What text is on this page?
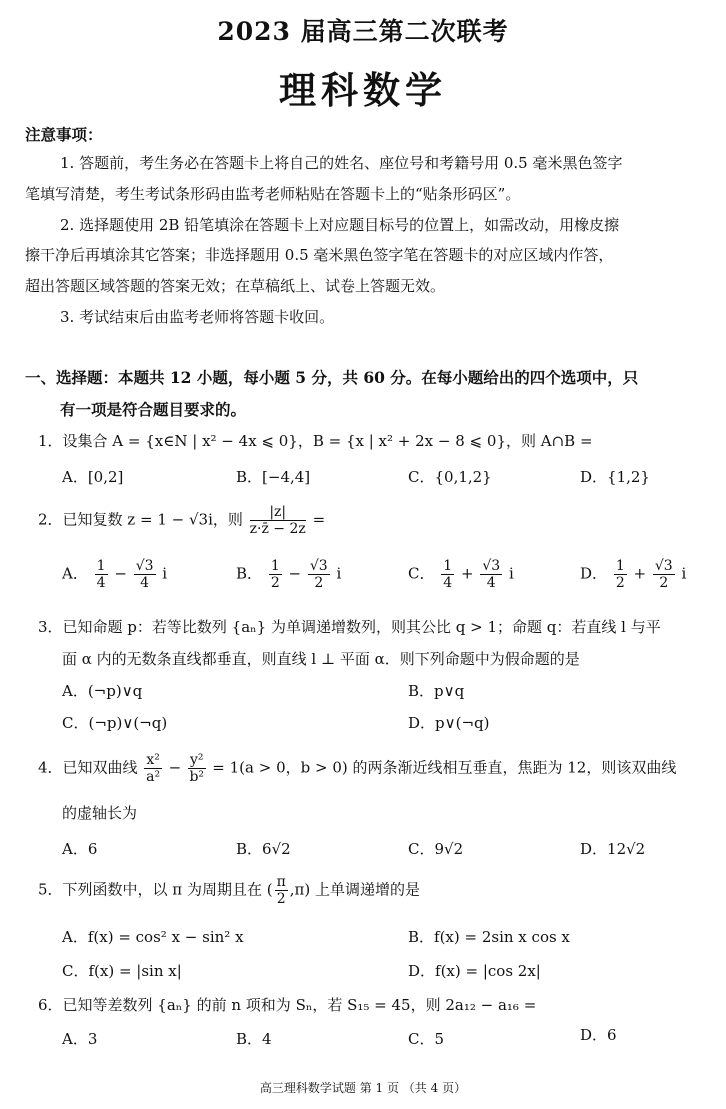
2023 届高三第二次联考
理科数学
注意事项：
1. 答题前，考生务必在答题卡上将自己的姓名、座位号和考籍号用 0.5 毫米黑色签字
笔填写清楚，考生考试条形码由监考老师粘贴在答题卡上的“贴条形码区”。
2. 选择题使用 2B 铅笔填涂在答题卡上对应题目标号的位置上，如需改动，用橡皮擦
擦干净后再填涂其它答案；非选择题用 0.5 毫米黑色签字笔在答题卡的对应区域内作答，
超出答题区域答题的答案无效；在草稿纸上、试卷上答题无效。
3. 考试结束后由监考老师将答题卡收回。
一、选择题：本题共 12 小题，每小题 5 分，共 60 分。在每小题给出的四个选项中，只
有一项是符合题目要求的。
1．设集合 A = {x∈N | x² − 4x ⩽ 0}，B = {x | x² + 2x − 8 ⩽ 0}，则 A∩B =
A．[0,2]	B．[−4,4]	C．{0,1,2}	D．{1,2}
2．已知复数 z = 1 − √3i，则 $\frac{|z|}{z\cdot z̄ - 2z}$ =
A． $\frac{1}{4} - \frac{√3}{4}$ i	B． $\frac{1}{2} - \frac{√3}{2}$ i	C． $\frac{1}{4} + \frac{√3}{4}$ i	D． $\frac{1}{2} + \frac{√3}{2}$ i
3．已知命题 p：若等比数列 {aₙ} 为单调递增数列，则其公比 q > 1；命题 q：若直线 l 与平
面 α 内的无数条直线都垂直，则直线 l ⊥ 平面 α．则下列命题中为假命题的是
A．(¬p)∨q	B．p∨q
C．(¬p)∨(¬q)	D．p∨(¬q)
4．已知双曲线 $\frac{\text{x²}}{\text{a²}} - \frac{\text{y²}}{\text{b²}} = 1(a > 0$，b > 0) 的两条渐近线相互垂直，焦距为 12，则该双曲线
的虚轴长为
A．6	B．6√2	C．9√2	D．12√2
5．下列函数中，以 π 为周期且在 ( $\frac{\pi}{2} ,\pi$) 上单调递增的是
A．f(x) = cos² x − sin² x	B．f(x) = 2sin x cos x
C．f(x) = |sin x|	D．f(x) = |cos 2x|
6．已知等差数列 {aₙ} 的前 n 项和为 Sₙ，若 S₁₅ = 45，则 2a₁₂ − a₁₆ =
A．3	B．4	C．5	D．6
高三理科数学试题 第 1 页 （共 4 页）
